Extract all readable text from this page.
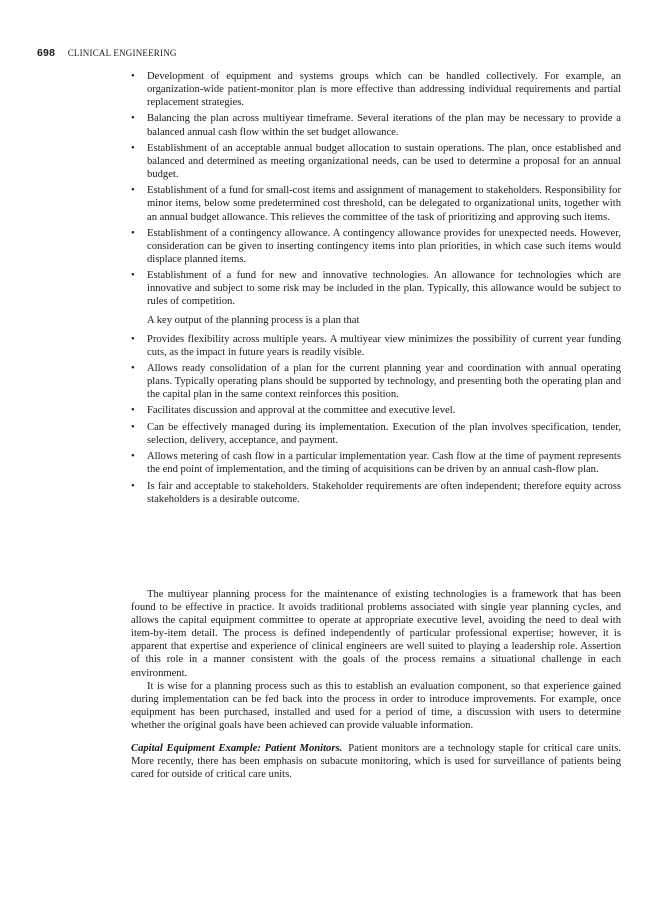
698 CLINICAL ENGINEERING
• Development of equipment and systems groups which can be handled collectively. For example, an organization-wide patient-monitor plan is more effective than addressing individual requirements and partial replacement strategies.
• Balancing the plan across multiyear timeframe. Several iterations of the plan may be necessary to provide a balanced annual cash flow within the set budget allowance.
• Establishment of an acceptable annual budget allocation to sustain operations. The plan, once established and balanced and determined as meeting organizational needs, can be used to determine a proposal for an annual budget.
• Establishment of a fund for small-cost items and assignment of management to stakeholders. Responsibility for minor items, below some predetermined cost threshold, can be delegated to organizational units, together with an annual budget allowance. This relieves the committee of the task of prioritizing and approving such items.
• Establishment of a contingency allowance. A contingency allowance provides for unexpected needs. However, consideration can be given to inserting contingency items into plan priorities, in which case such items would displace planned items.
• Establishment of a fund for new and innovative technologies. An allowance for technologies which are innovative and subject to some risk may be included in the plan. Typically, this allowance would be subject to rules of competition.

A key output of the planning process is a plan that

• Provides flexibility across multiple years. A multiyear view minimizes the possibility of current year funding cuts, as the impact in future years is readily visible.
• Allows ready consolidation of a plan for the current planning year and coordination with annual operating plans. Typically operating plans should be supported by technology, and presenting both the operating plan and the capital plan in the same context reinforces this position.
• Facilitates discussion and approval at the committee and executive level.
• Can be effectively managed during its implementation. Execution of the plan involves specification, tender, selection, delivery, acceptance, and payment.
• Allows metering of cash flow in a particular implementation year. Cash flow at the time of payment represents the end point of implementation, and the timing of acquisitions can be driven by an annual cash-flow plan.
• Is fair and acceptable to stakeholders. Stakeholder requirements are often independent; therefore equity across stakeholders is a desirable outcome.

The multiyear planning process for the maintenance of existing technologies is a framework that has been found to be effective in practice. It avoids traditional problems associated with single year planning cycles, and allows the capital equipment committee to operate at appropriate executive level, avoiding the need to deal with item-by-item detail. The process is defined independently of particular professional expertise; however, it is apparent that expertise and experience of clinical engineers are well suited to playing a leadership role. Assertion of this role in a manner consistent with the goals of the process remains a situational challenge in each environment.

It is wise for a planning process such as this to establish an evaluation component, so that experience gained during implementation can be fed back into the process in order to introduce improvements. For example, once equipment has been purchased, installed and used for a period of time, a discussion with users to determine whether the original goals have been achieved can provide valuable information.

Capital Equipment Example: Patient Monitors. Patient monitors are a technology staple for critical care units. More recently, there has been emphasis on subacute monitoring, which is used for surveillance of patients being cared for outside of critical care units.
